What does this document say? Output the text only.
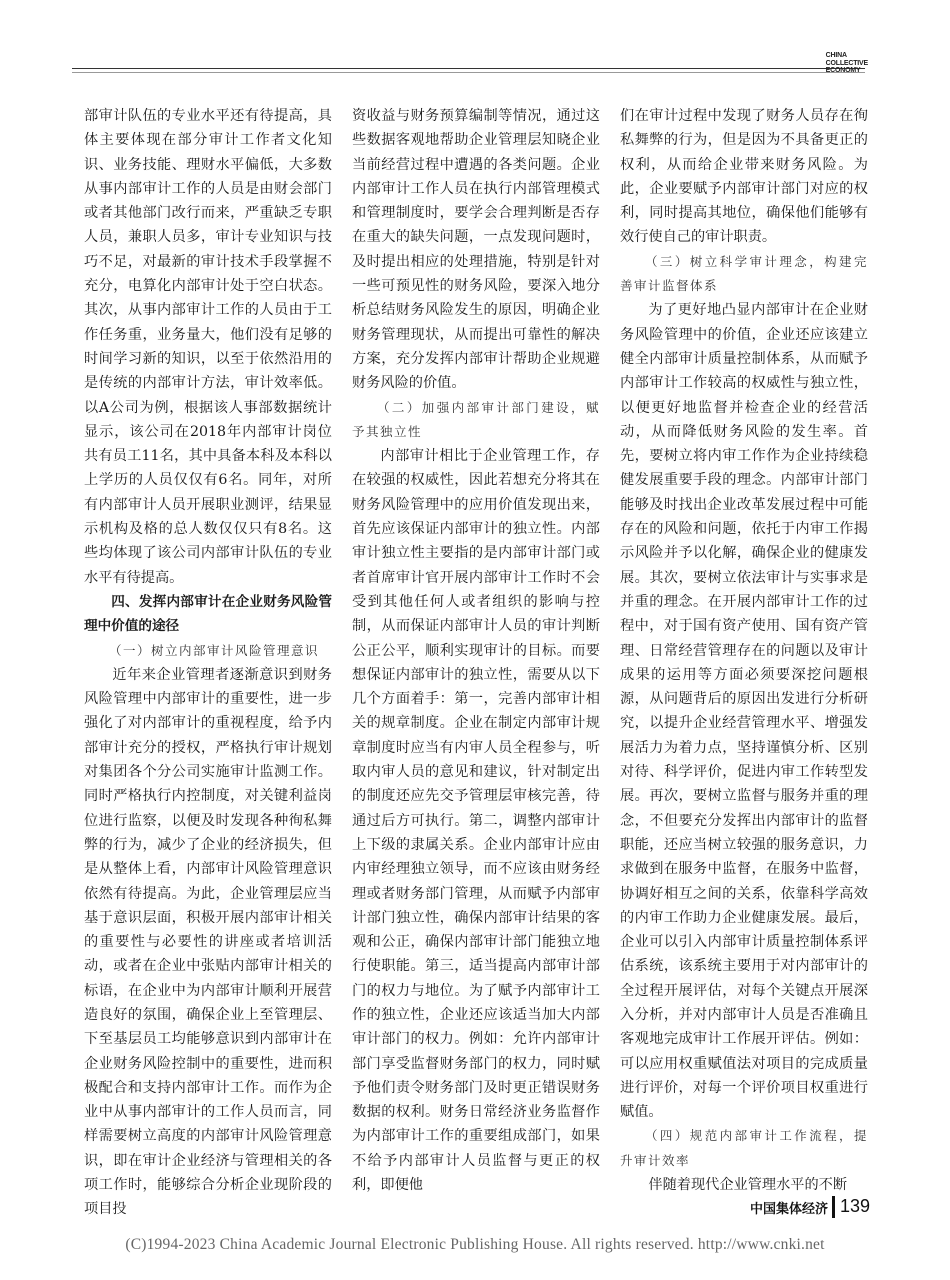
CHINA
COLLECTIVE
ECONOMY

部审计队伍的专业水平还有待提高，具体主要体现在部分审计工作者文化知识、业务技能、理财水平偏低，大多数从事内部审计工作的人员是由财会部门或者其他部门改行而来，严重缺乏专职人员，兼职人员多，审计专业知识与技巧不足，对最新的审计技术手段掌握不充分，电算化内部审计处于空白状态。其次，从事内部审计工作的人员由于工作任务重，业务量大，他们没有足够的时间学习新的知识，以至于依然沿用的是传统的内部审计方法，审计效率低。以A公司为例，根据该人事部数据统计显示，该公司在2018年内部审计岗位共有员工11名，其中具备本科及本科以上学历的人员仅仅有6名。同年，对所有内部审计人员开展职业测评，结果显示机构及格的总人数仅仅只有8名。这些均体现了该公司内部审计队伍的专业水平有待提高。

四、发挥内部审计在企业财务风险管理中价值的途径

（一）树立内部审计风险管理意识

近年来企业管理者逐渐意识到财务风险管理中内部审计的重要性，进一步强化了对内部审计的重视程度，给予内部审计充分的授权，严格执行审计规划对集团各个分公司实施审计监测工作。同时严格执行内控制度，对关键利益岗位进行监察，以便及时发现各种徇私舞弊的行为，减少了企业的经济损失，但是从整体上看，内部审计风险管理意识依然有待提高。为此，企业管理层应当基于意识层面，积极开展内部审计相关的重要性与必要性的讲座或者培训活动，或者在企业中张贴内部审计相关的标语，在企业中为内部审计顺利开展营造良好的氛围，确保企业上至管理层、下至基层员工均能够意识到内部审计在企业财务风险控制中的重要性，进而积极配合和支持内部审计工作。而作为企业中从事内部审计的工作人员而言，同样需要树立高度的内部审计风险管理意识，即在审计企业经济与管理相关的各项工作时，能够综合分析企业现阶段的项目投

资收益与财务预算编制等情况，通过这些数据客观地帮助企业管理层知晓企业当前经营过程中遭遇的各类问题。企业内部审计工作人员在执行内部管理模式和管理制度时，要学会合理判断是否存在重大的缺失问题，一点发现问题时，及时提出相应的处理措施，特别是针对一些可预见性的财务风险，要深入地分析总结财务风险发生的原因，明确企业财务管理现状，从而提出可靠性的解决方案，充分发挥内部审计帮助企业规避财务风险的价值。

（二）加强内部审计部门建设，赋予其独立性

内部审计相比于企业管理工作，存在较强的权威性，因此若想充分将其在财务风险管理中的应用价值发现出来，首先应该保证内部审计的独立性。内部审计独立性主要指的是内部审计部门或者首席审计官开展内部审计工作时不会受到其他任何人或者组织的影响与控制，从而保证内部审计人员的审计判断公正公平，顺利实现审计的目标。而要想保证内部审计的独立性，需要从以下几个方面着手：第一，完善内部审计相关的规章制度。企业在制定内部审计规章制度时应当有内审人员全程参与，听取内审人员的意见和建议，针对制定出的制度还应先交予管理层审核完善，待通过后方可执行。第二，调整内部审计上下级的隶属关系。企业内部审计应由内审经理独立领导，而不应该由财务经理或者财务部门管理，从而赋予内部审计部门独立性，确保内部审计结果的客观和公正，确保内部审计部门能独立地行使职能。第三，适当提高内部审计部门的权力与地位。为了赋予内部审计工作的独立性，企业还应该适当加大内部审计部门的权力。例如：允许内部审计部门享受监督财务部门的权力，同时赋予他们责令财务部门及时更正错误财务数据的权利。财务日常经济业务监督作为内部审计工作的重要组成部门，如果不给予内部审计人员监督与更正的权利，即便他

们在审计过程中发现了财务人员存在徇私舞弊的行为，但是因为不具备更正的权利，从而给企业带来财务风险。为此，企业要赋予内部审计部门对应的权利，同时提高其地位，确保他们能够有效行使自己的审计职责。

（三）树立科学审计理念，构建完善审计监督体系

为了更好地凸显内部审计在企业财务风险管理中的价值，企业还应该建立健全内部审计质量控制体系，从而赋予内部审计工作较高的权威性与独立性，以便更好地监督并检查企业的经营活动，从而降低财务风险的发生率。首先，要树立将内审工作作为企业持续稳健发展重要手段的理念。内部审计部门能够及时找出企业改革发展过程中可能存在的风险和问题，依托于内审工作揭示风险并予以化解，确保企业的健康发展。其次，要树立依法审计与实事求是并重的理念。在开展内部审计工作的过程中，对于国有资产使用、国有资产管理、日常经营管理存在的问题以及审计成果的运用等方面必须要深挖问题根源，从问题背后的原因出发进行分析研究，以提升企业经营管理水平、增强发展活力为着力点，坚持谨慎分析、区别对待、科学评价，促进内审工作转型发展。再次，要树立监督与服务并重的理念，不但要充分发挥出内部审计的监督职能，还应当树立较强的服务意识，力求做到在服务中监督，在服务中监督，协调好相互之间的关系，依靠科学高效的内审工作助力企业健康发展。最后，企业可以引入内部审计质量控制体系评估系统，该系统主要用于对内部审计的全过程开展评估，对每个关键点开展深入分析，并对内部审计人员是否准确且客观地完成审计工作展开评估。例如：可以应用权重赋值法对项目的完成质量进行评价，对每一个评价项目权重进行赋值。

（四）规范内部审计工作流程，提升审计效率

伴随着现代企业管理水平的不断

中国集体经济 139
(C)1994-2023 China Academic Journal Electronic Publishing House. All rights reserved. http://www.cnki.net
